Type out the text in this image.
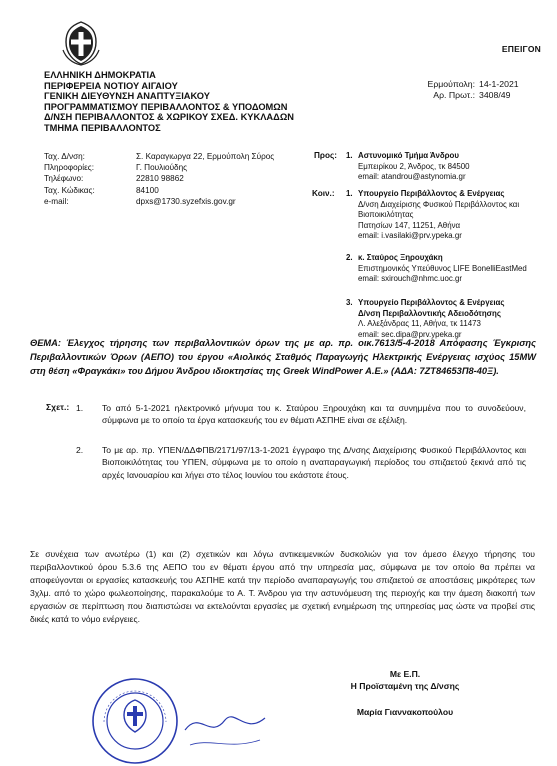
ΕΠΕΙΓΟΝ
ΕΛΛΗΝΙΚΗ ΔΗΜΟΚΡΑΤΙΑ
ΠΕΡΙΦΕΡΕΙΑ ΝΟΤΙΟΥ ΑΙΓΑΙΟΥ
ΓΕΝΙΚΗ ΔΙΕΥΘΥΝΣΗ ΑΝΑΠΤΥΞΙΑΚΟΥ
ΠΡΟΓΡΑΜΜΑΤΙΣΜΟΥ ΠΕΡΙΒΑΛΛΟΝΤΟΣ & ΥΠΟΔΟΜΩΝ
Δ/ΝΣΗ ΠΕΡΙΒΑΛΛΟΝΤΟΣ & ΧΩΡΙΚΟΥ ΣΧΕΔ. ΚΥΚΛΑΔΩΝ
ΤΜΗΜΑ ΠΕΡΙΒΑΛΛΟΝΤΟΣ
Ερμούπολη: 14-1-2021
Αρ. Πρωτ.: 3408/49
Ταχ. Δ/νση:	Σ. Καραγιωργα 22, Ερμούπολη Σύρος
Πληροφορίες:	Γ. Πουλιούδης
Τηλέφωνο:	22810 98862
Ταχ. Κώδικας:	84100
e-mail:	dpxs@1730.syzefxis.gov.gr
Προς: 1. Αστυνομικό Τμήμα Άνδρου
Εμπειρίκου 2, Άνδρος, τκ 84500
email: atandrou@astynomia.gr
Κοιν.: 1. Υπουργείο Περιβάλλοντος & Ενέργειας
Δ/νση Διαχείρισης Φυσικού Περιβάλλοντος και
Βιοποικιλότητας
Πατησίων 147, 11251, Αθήνα
email: i.vasilaki@prv.ypeka.gr
2. κ. Σταύρος Ξηρουχάκη
Επιστημονικός Υπεύθυνος LIFE BonelliEastMed
email: sxirouch@nhmc.uoc.gr
3. Υπουργείο Περιβάλλοντος & Ενέργειας
Δ/νση Περιβαλλοντικής Αδειοδότησης
Λ. Αλεξάνδρας 11, Αθήνα, τκ 11473
email: sec.dipa@prv.ypeka.gr
ΘΕΜΑ: Έλεγχος τήρησης των περιβαλλοντικών όρων της με αρ. πρ. οικ.7613/5-4-2018 Απόφασης Έγκρισης Περιβαλλοντικών Όρων (ΑΕΠΟ) του έργου «Αιολικός Σταθμός Παραγωγής Ηλεκτρικής Ενέργειας ισχύος 15MW στη θέση «Φραγκάκι» του Δήμου Άνδρου ιδιοκτησίας της Greek WindPower Α.Ε.» (ΑΔΑ: 7ΖΤ84653Π8-40Ξ).
Σχετ.: 1.	Το από 5-1-2021 ηλεκτρονικό μήνυμα του κ. Σταύρου Ξηρουχάκη και τα συνημμένα που το συνοδεύουν, σύμφωνα με το οποίο τα έργα κατασκευής του εν θέματι ΑΣΠΗΕ είναι σε εξέλιξη.
2.	Το με αρ. πρ. ΥΠΕΝ/ΔΔΦΠΒ/2171/97/13-1-2021 έγγραφο της Δ/νσης Διαχείρισης Φυσικού Περιβάλλοντος και Βιοποικιλότητας του ΥΠΕΝ, σύμφωνα με το οποίο η αναπαραγωγική περίοδος του σπιζαετού ξεκινά από τις αρχές Ιανουαρίου και λήγει στο τέλος Ιουνίου του εκάστοτε έτους.
Σε συνέχεια των ανωτέρω (1) και (2) σχετικών και λόγω αντικειμενικών δυσκολιών για τον άμεσο έλεγχο τήρησης του περιβαλλοντικού όρου 5.3.6 της ΑΕΠΟ του εν θέματι έργου από την υπηρεσία μας, σύμφωνα με τον οποίο θα πρέπει να αποφεύγονται οι εργασίες κατασκευής του ΑΣΠΗΕ κατά την περίοδο αναπαραγωγής του σπιζαετού σε αποστάσεις μικρότερες των 3χλμ. από το χώρο φωλεοποίησης, παρακαλούμε το Α. Τ. Άνδρου για την αστυνόμευση της περιοχής και την άμεση διακοπή των εργασιών σε περίπτωση που διαπιστώσει να εκτελούνται εργασίες με σχετική ενημέρωση της υπηρεσίας μας ώστε να προβεί στις δικές κατά το νόμο ενέργειες.
Με Ε.Π.
Η Προϊσταμένη της Δ/νσης
Μαρία Γιαννακοπούλου
